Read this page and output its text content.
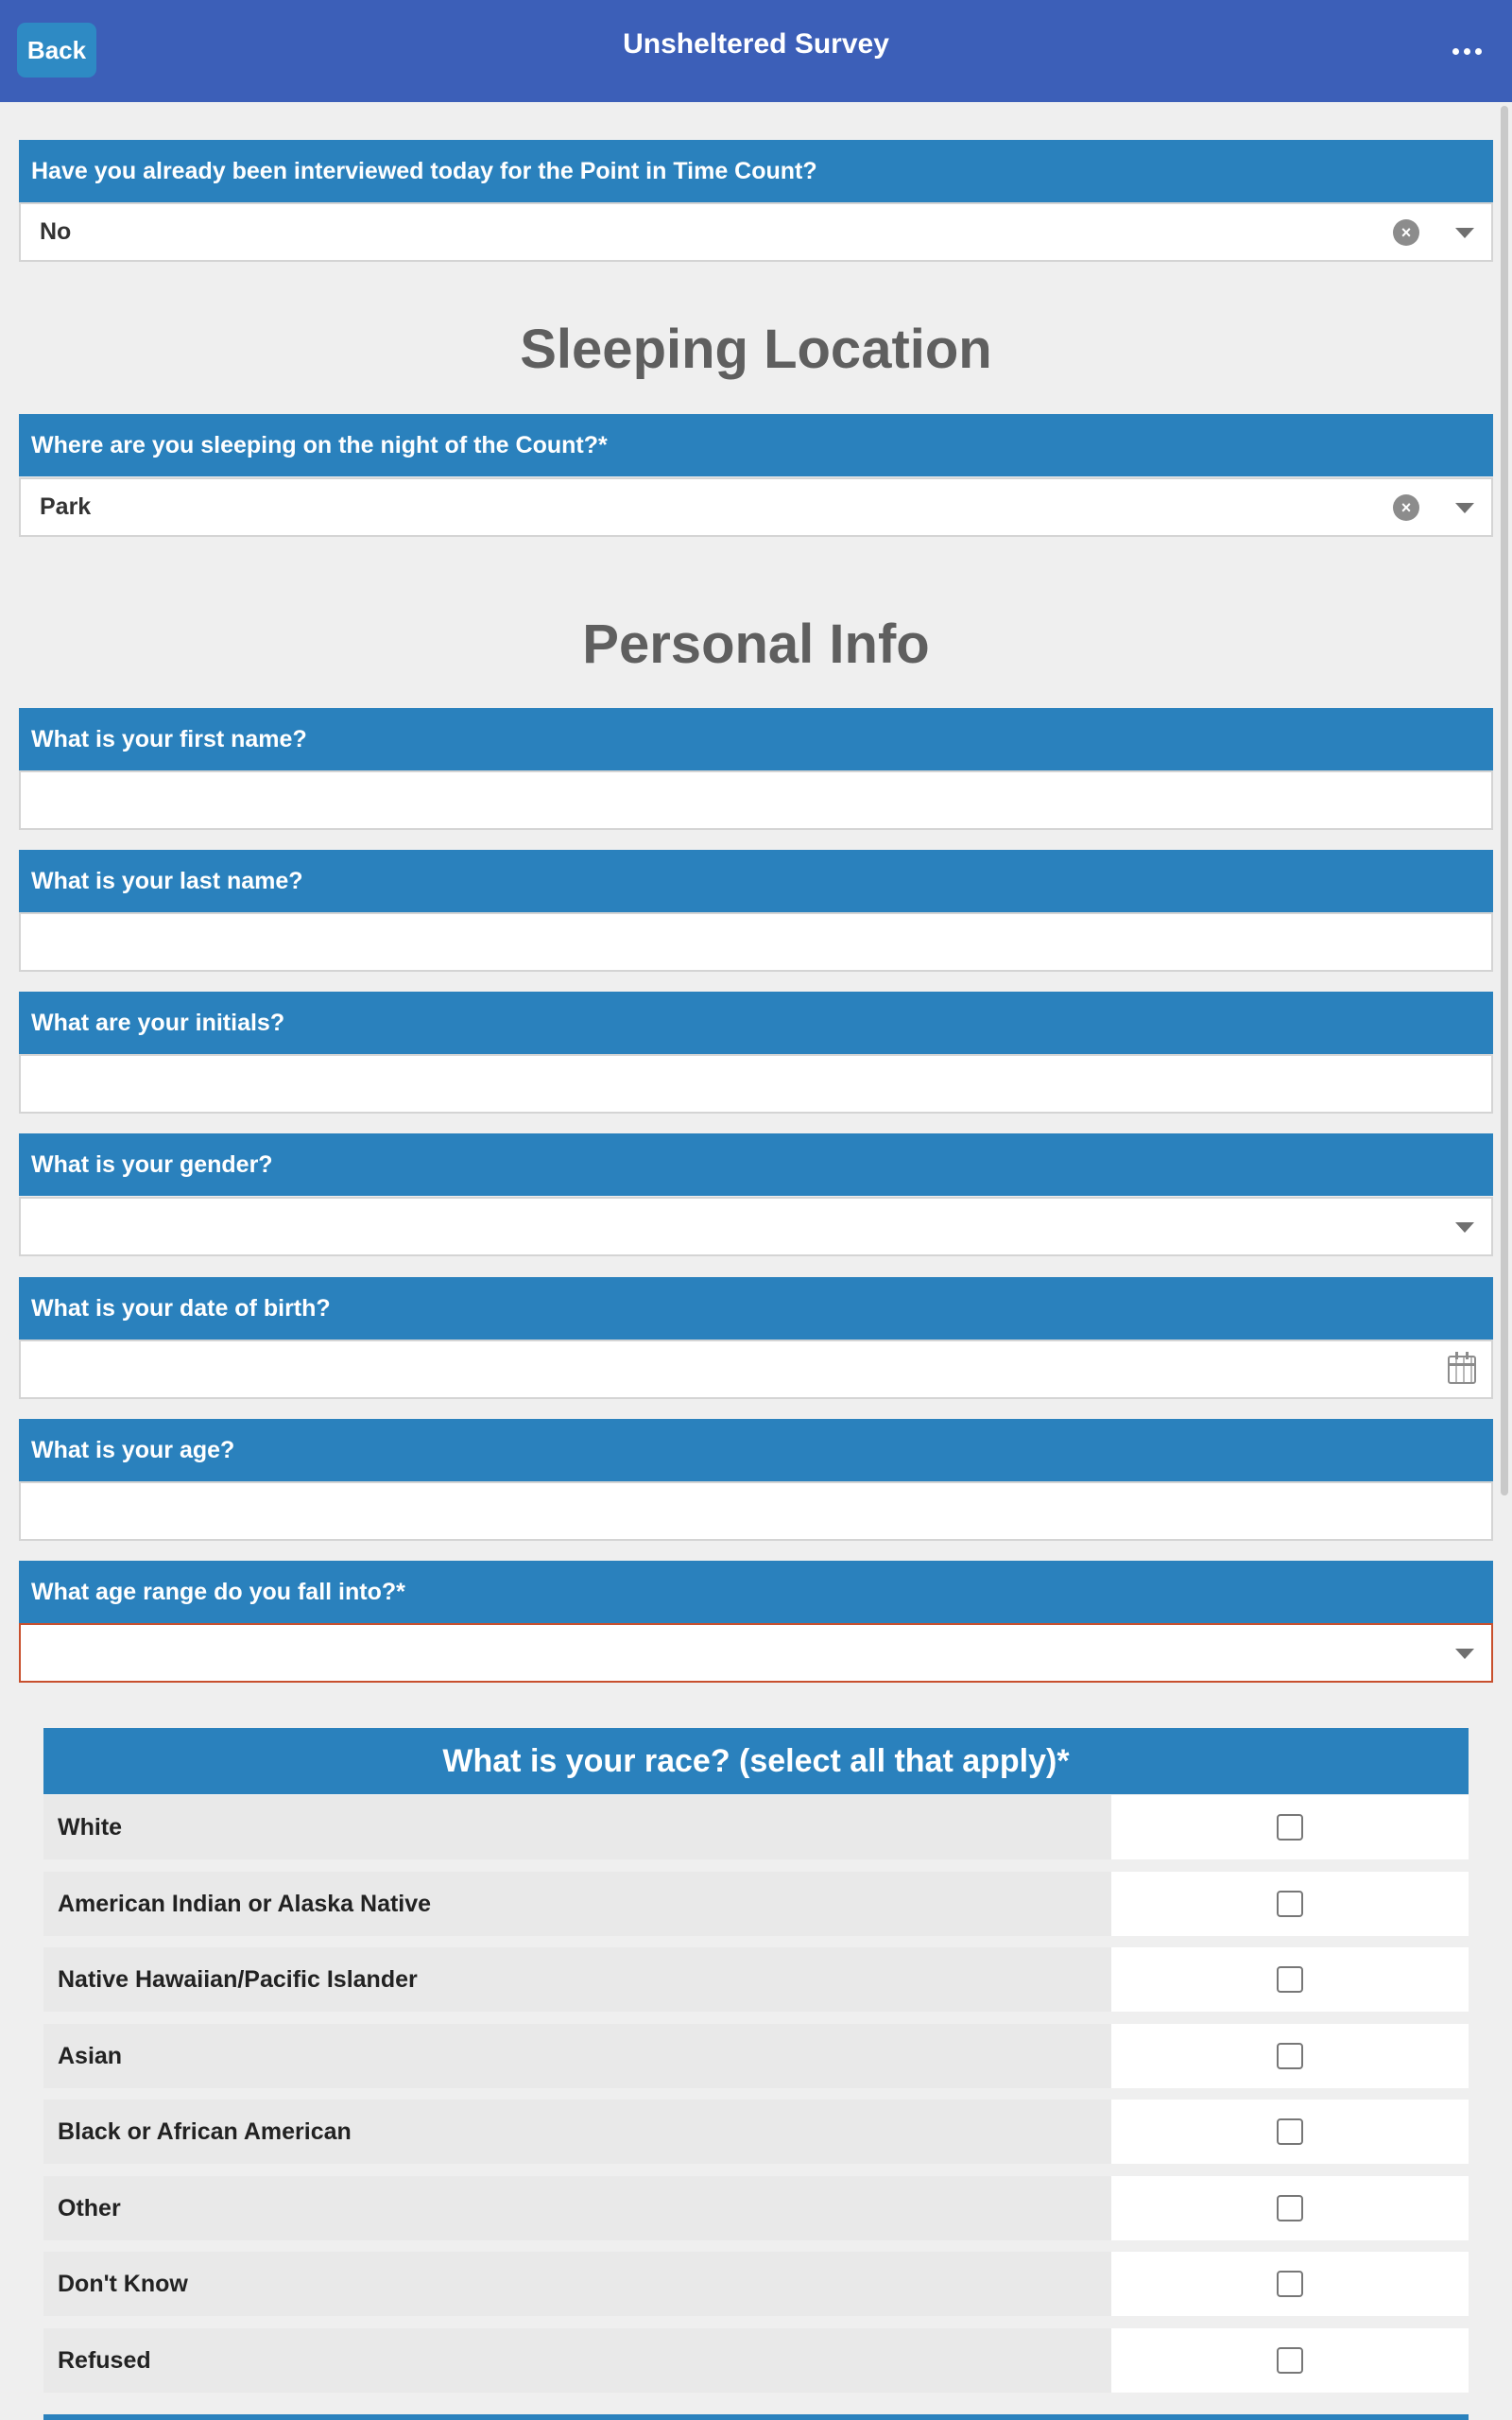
Back	Unsheltered Survey
Have you already been interviewed today for the Point in Time Count?
No	×
Sleeping Location
Where are you sleeping on the night of the Count?*
Park	×
Personal Info
What is your first name?
What is your last name?
What are your initials?
What is your gender?
What is your date of birth?
What is your age?
What age range do you fall into?*
What is your race? (select all that apply)*
White
American Indian or Alaska Native
Native Hawaiian/Pacific Islander
Asian
Black or African American
Other
Don't Know
Refused
